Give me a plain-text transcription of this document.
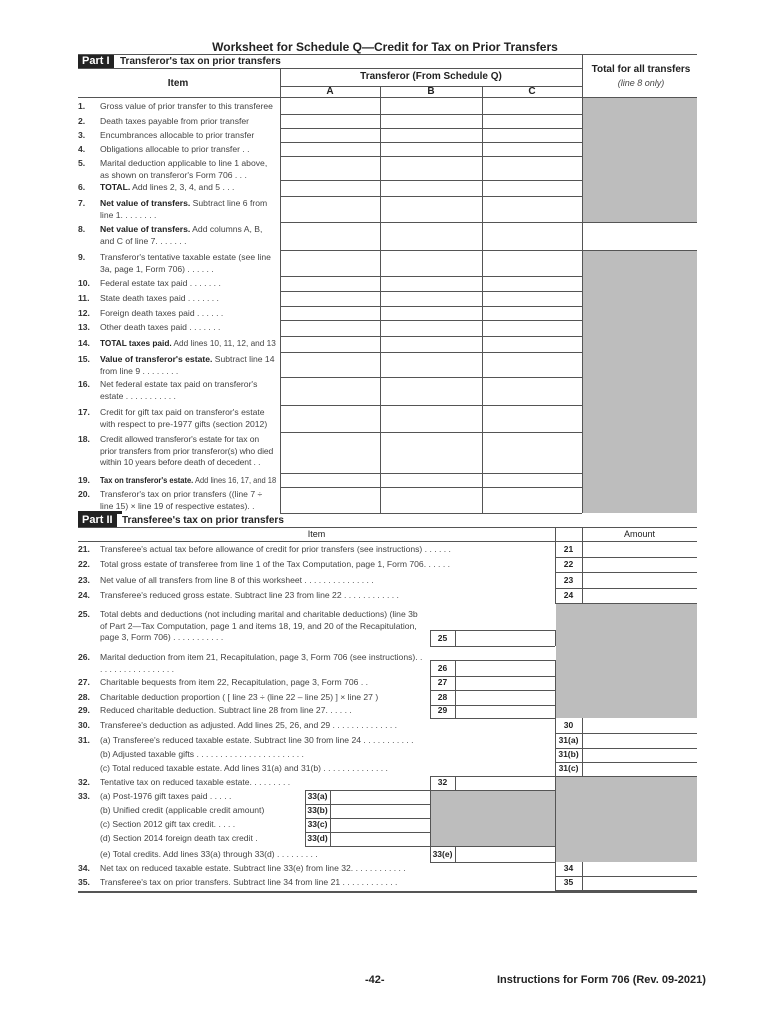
Worksheet for Schedule Q—Credit for Tax on Prior Transfers
Part I	Transferor's tax on prior transfers
Item
Transferor (From Schedule Q)
A	B	C
Total for all transfers
(line 8 only)
1.	Gross value of prior transfer to this transferee
2.	Death taxes payable from prior transfer
3.	Encumbrances allocable to prior transfer
4.	Obligations allocable to prior transfer . .
5.	Marital deduction applicable to line 1 above, as shown on transferor's Form 706 . . .
6.	TOTAL. Add lines 2, 3, 4, and 5 . . .
7.	Net value of transfers. Subtract line 6 from line 1. . . . . . . .
8.	Net value of transfers. Add columns A, B, and C of line 7. . . . . . .
9.	Transferor's tentative taxable estate (see line 3a, page 1, Form 706) . . . . . .
10.	Federal estate tax paid . . . . . . .
11.	State death taxes paid . . . . . . .
12.	Foreign death taxes paid . . . . . .
13.	Other death taxes paid . . . . . . .
14.	TOTAL taxes paid. Add lines 10, 11, 12, and 13
15.	Value of transferor's estate. Subtract line 14 from line 9 . . . . . . . .
16.	Net federal estate tax paid on transferor's estate . . . . . . . . . . .
17.	Credit for gift tax paid on transferor's estate with respect to pre-1977 gifts (section 2012)
18.	Credit allowed transferor's estate for tax on prior transfers from prior transferor(s) who died within 10 years before death of decedent . .
19.	Tax on transferor's estate. Add lines 16, 17, and 18
20.	Transferor's tax on prior transfers ((line 7 ÷ line 15) × line 19 of respective estates). .
Part II Transferee's tax on prior transfers
Item	Amount
21.	Transferee's actual tax before allowance of credit for prior transfers (see instructions) . . . . . .	21
22.	Total gross estate of transferee from line 1 of the Tax Computation, page 1, Form 706. . . . . .	22
23.	Net value of all transfers from line 8 of this worksheet . . . . . . . . . . . . . . .	23
24.	Transferee's reduced gross estate. Subtract line 23 from line 22 . . . . . . . . . . . .	24
25.	Total debts and deductions (not including marital and charitable deductions) (line 3b of Part 2—Tax Computation, page 1 and items 18, 19, and 20 of the Recapitulation, page 3, Form 706) . . . . . . . . . . .	25
26.	Marital deduction from item 21, Recapitulation, page 3, Form 706 (see instructions). . . . . . . . . . . . . . . . . .	26
27.	Charitable bequests from item 22, Recapitulation, page 3, Form 706 . .	27
28.	Charitable deduction proportion ( [ line 23 ÷ (line 22 – line 25) ] × line 27 )	28
29.	Reduced charitable deduction. Subtract line 28 from line 27. . . . . .	29
30.	Transferee's deduction as adjusted. Add lines 25, 26, and 29 . . . . . . . . . . . . . .	30
31.	(a) Transferee's reduced taxable estate. Subtract line 30 from line 24 . . . . . . . . . . .	31(a)
(b) Adjusted taxable gifts . . . . . . . . . . . . . . . . . . . . . . .	31(b)
(c) Total reduced taxable estate. Add lines 31(a) and 31(b) . . . . . . . . . . . . . .	31(c)
32.	Tentative tax on reduced taxable estate. . . . . . . . .	32
33.	(a) Post-1976 gift taxes paid . . . . .	33(a)
(b) Unified credit (applicable credit amount)	33(b)
(c) Section 2012 gift tax credit. . . . .	33(c)
(d) Section 2014 foreign death tax credit .	33(d)
(e) Total credits. Add lines 33(a) through 33(d) . . . . . . . . .	33(e)
34.	Net tax on reduced taxable estate. Subtract line 33(e) from line 32. . . . . . . . . . . .	34
35.	Transferee's tax on prior transfers. Subtract line 34 from line 21 . . . . . . . . . . . .	35
-42-	Instructions for Form 706 (Rev. 09-2021)
